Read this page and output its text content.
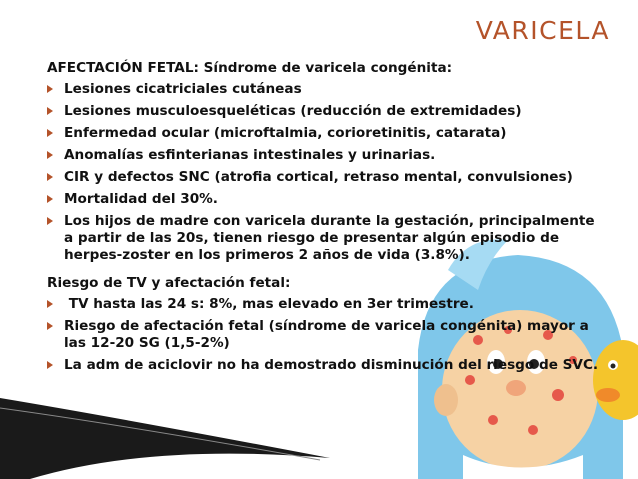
VARICELA
AFECTACIÓN FETAL: Síndrome de varicela congénita:
Lesiones cicatriciales cutáneas
Lesiones musculoesqueléticas (reducción de extremidades)
Enfermedad ocular (microftalmia, corioretinitis, catarata)
Anomalías esfinterianas intestinales y urinarias.
CIR y defectos SNC (atrofia cortical, retraso mental, convulsiones)
Mortalidad del 30%.
Los hijos de madre con varicela durante la gestación, principalmente a partir de las 20s, tienen riesgo de presentar algún episodio de herpes-zoster en los primeros 2 años de vida (3.8%).
Riesgo de TV y afectación fetal:
TV hasta las 24 s: 8%, mas elevado en 3er trimestre.
Riesgo de afectación fetal (síndrome de varicela congénita) mayor a las 12-20 SG (1,5-2%)
La adm de aciclovir no ha demostrado disminución del riesgo de SVC.
